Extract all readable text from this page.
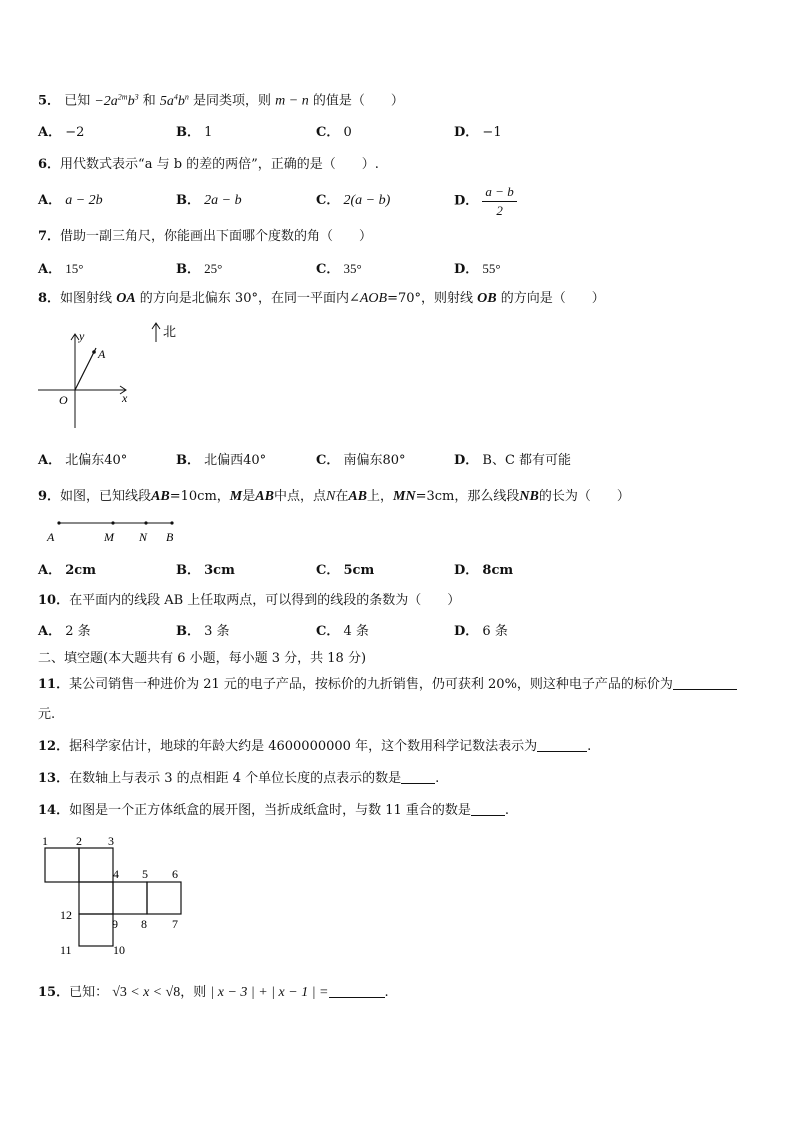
5． 已知 $-2a^{2m}b^3$ 和 $5a^4b^n$ 是同类项，则 m − n 的值是（　　）
A． −2	B． 1	C． 0	D． −1
6．用代数式表示“a 与 b 的差的两倍”，正确的是（　　）.
A． a − 2b	B． 2a − b	C． 2(a − b)	D． $\frac{a - b}{2}$
7．借助一副三角尺，你能画出下面哪个度数的角（　　）
A． 15°	B． 25°	C． 35°	D． 55°
8．如图射线 OA 的方向是北偏东 30°，在同一平面内∠AOB=70°，则射线 OB 的方向是（　　）
y
x
O
A
北
A． 北偏东40°	B． 北偏西40°	C． 南偏东80°	D． B、C 都有可能
9．如图，已知线段AB=10cm，M是AB中点，点N在AB上，MN=3cm，那么线段NB的长为（　　）
A	M N B
A． 2cm	B． 3cm	C． 5cm	D． 8cm
10．在平面内的线段 AB 上任取两点，可以得到的线段的条数为（　　）
A． 2 条	B． 3 条	C． 4 条	D． 6 条
二、填空题(本大题共有 6 小题，每小题 3 分，共 18 分)
11．某公司销售一种进价为 21 元的电子产品，按标价的九折销售，仍可获利 20%，则这种电子产品的标价为
元.
12．据科学家估计，地球的年龄大约是 4600000000 年，这个数用科学记数法表示为	.
13．在数轴上与表示 3 的点相距 4 个单位长度的点表示的数是	.
14．如图是一个正方体纸盒的展开图，当折成纸盒时，与数 11 重合的数是	.
1 2 3
4 5 6
12
9 8 7
11	10
15．已知： √3 < x < √8，则 | x − 3 | + | x − 1 | =	.
